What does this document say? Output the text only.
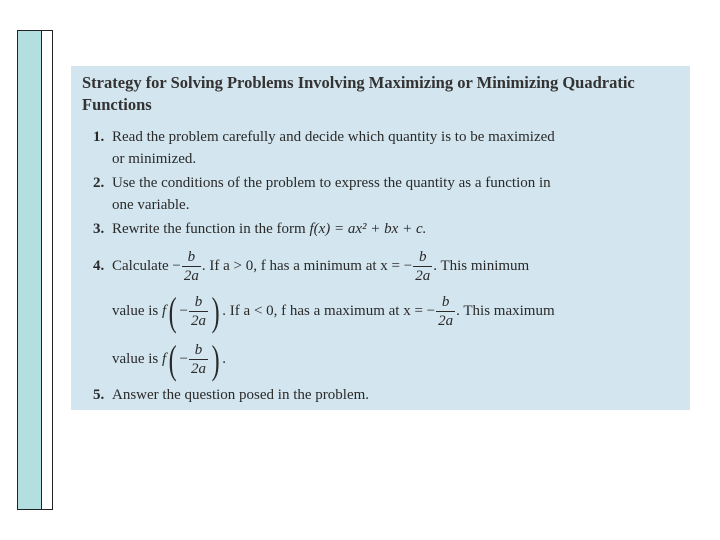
Strategy for Solving Problems Involving Maximizing or Minimizing Quadratic Functions
1. Read the problem carefully and decide which quantity is to be maximized
or minimized.
2. Use the conditions of the problem to express the quantity as a function in
one variable.
3. Rewrite the function in the form f(x) = ax² + bx + c.
4. Calculate − $\frac{b}{2a}$ . If a > 0, f has a minimum at x = − $\frac{b}{2a}$ . This minimum
value is $f( - \frac{b}{2a}$ ) . If a < 0, f has a maximum at x = − $\frac{b}{2a}$ . This maximum
value is $f( - \frac{b}{2a}$ ) .
5. Answer the question posed in the problem.
